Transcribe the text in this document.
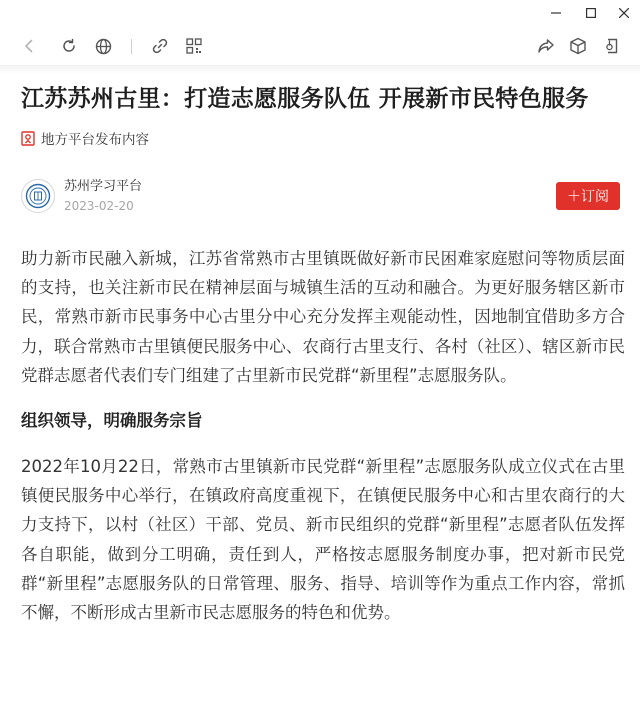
江苏苏州古里：打造志愿服务队伍 开展新市民特色服务
地方平台发布内容
苏州学习平台
2023-02-20
＋订阅

助力新市民融入新城，江苏省常熟市古里镇既做好新市民困难家庭慰问等物质层面的支持，也关注新市民在精神层面与城镇生活的互动和融合。为更好服务辖区新市民，常熟市新市民事务中心古里分中心充分发挥主观能动性，因地制宜借助多方合力，联合常熟市古里镇便民服务中心、农商行古里支行、各村（社区）、辖区新市民党群志愿者代表们专门组建了古里新市民党群“新里程”志愿服务队。

组织领导，明确服务宗旨

2022年10月22日，常熟市古里镇新市民党群“新里程”志愿服务队成立仪式在古里镇便民服务中心举行，在镇政府高度重视下，在镇便民服务中心和古里农商行的大力支持下，以村（社区）干部、党员、新市民组织的党群“新里程”志愿者队伍发挥各自职能，做到分工明确，责任到人，严格按志愿服务制度办事，把对新市民党群“新里程”志愿服务队的日常管理、服务、指导、培训等作为重点工作内容，常抓不懈，不断形成古里新市民志愿服务的特色和优势。
